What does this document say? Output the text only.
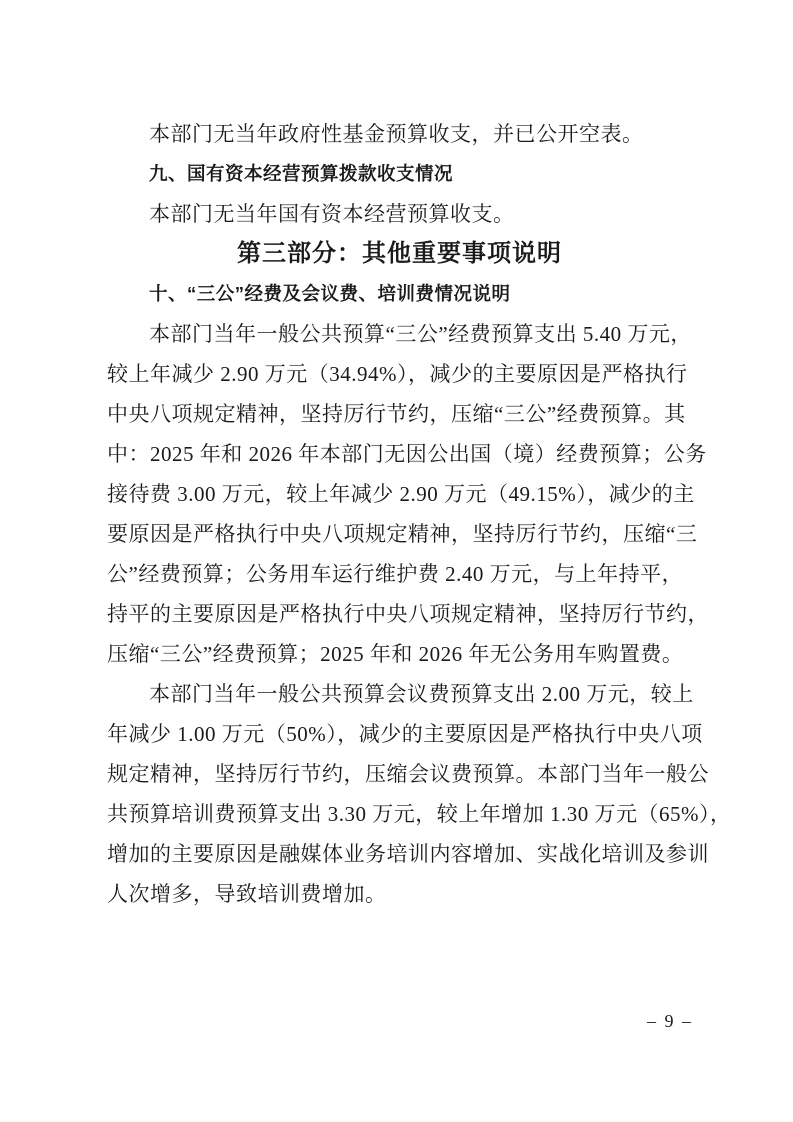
本部门无当年政府性基金预算收支，并已公开空表。
九、国有资本经营预算拨款收支情况
本部门无当年国有资本经营预算收支。
第三部分：其他重要事项说明
十、“三公”经费及会议费、培训费情况说明
本部门当年一般公共预算“三公”经费预算支出 5.40 万元，
较上年减少 2.90 万元（34.94%），减少的主要原因是严格执行
中央八项规定精神，坚持厉行节约，压缩“三公”经费预算。其
中：2025 年和 2026 年本部门无因公出国（境）经费预算；公务
接待费 3.00 万元，较上年减少 2.90 万元（49.15%），减少的主
要原因是严格执行中央八项规定精神，坚持厉行节约，压缩“三
公”经费预算；公务用车运行维护费 2.40 万元，与上年持平，
持平的主要原因是严格执行中央八项规定精神，坚持厉行节约，
压缩“三公”经费预算；2025 年和 2026 年无公务用车购置费。
本部门当年一般公共预算会议费预算支出 2.00 万元，较上
年减少 1.00 万元（50%），减少的主要原因是严格执行中央八项
规定精神，坚持厉行节约，压缩会议费预算。本部门当年一般公
共预算培训费预算支出 3.30 万元，较上年增加 1.30 万元（65%），
增加的主要原因是融媒体业务培训内容增加、实战化培训及参训
人次增多，导致培训费增加。
– 9 –
